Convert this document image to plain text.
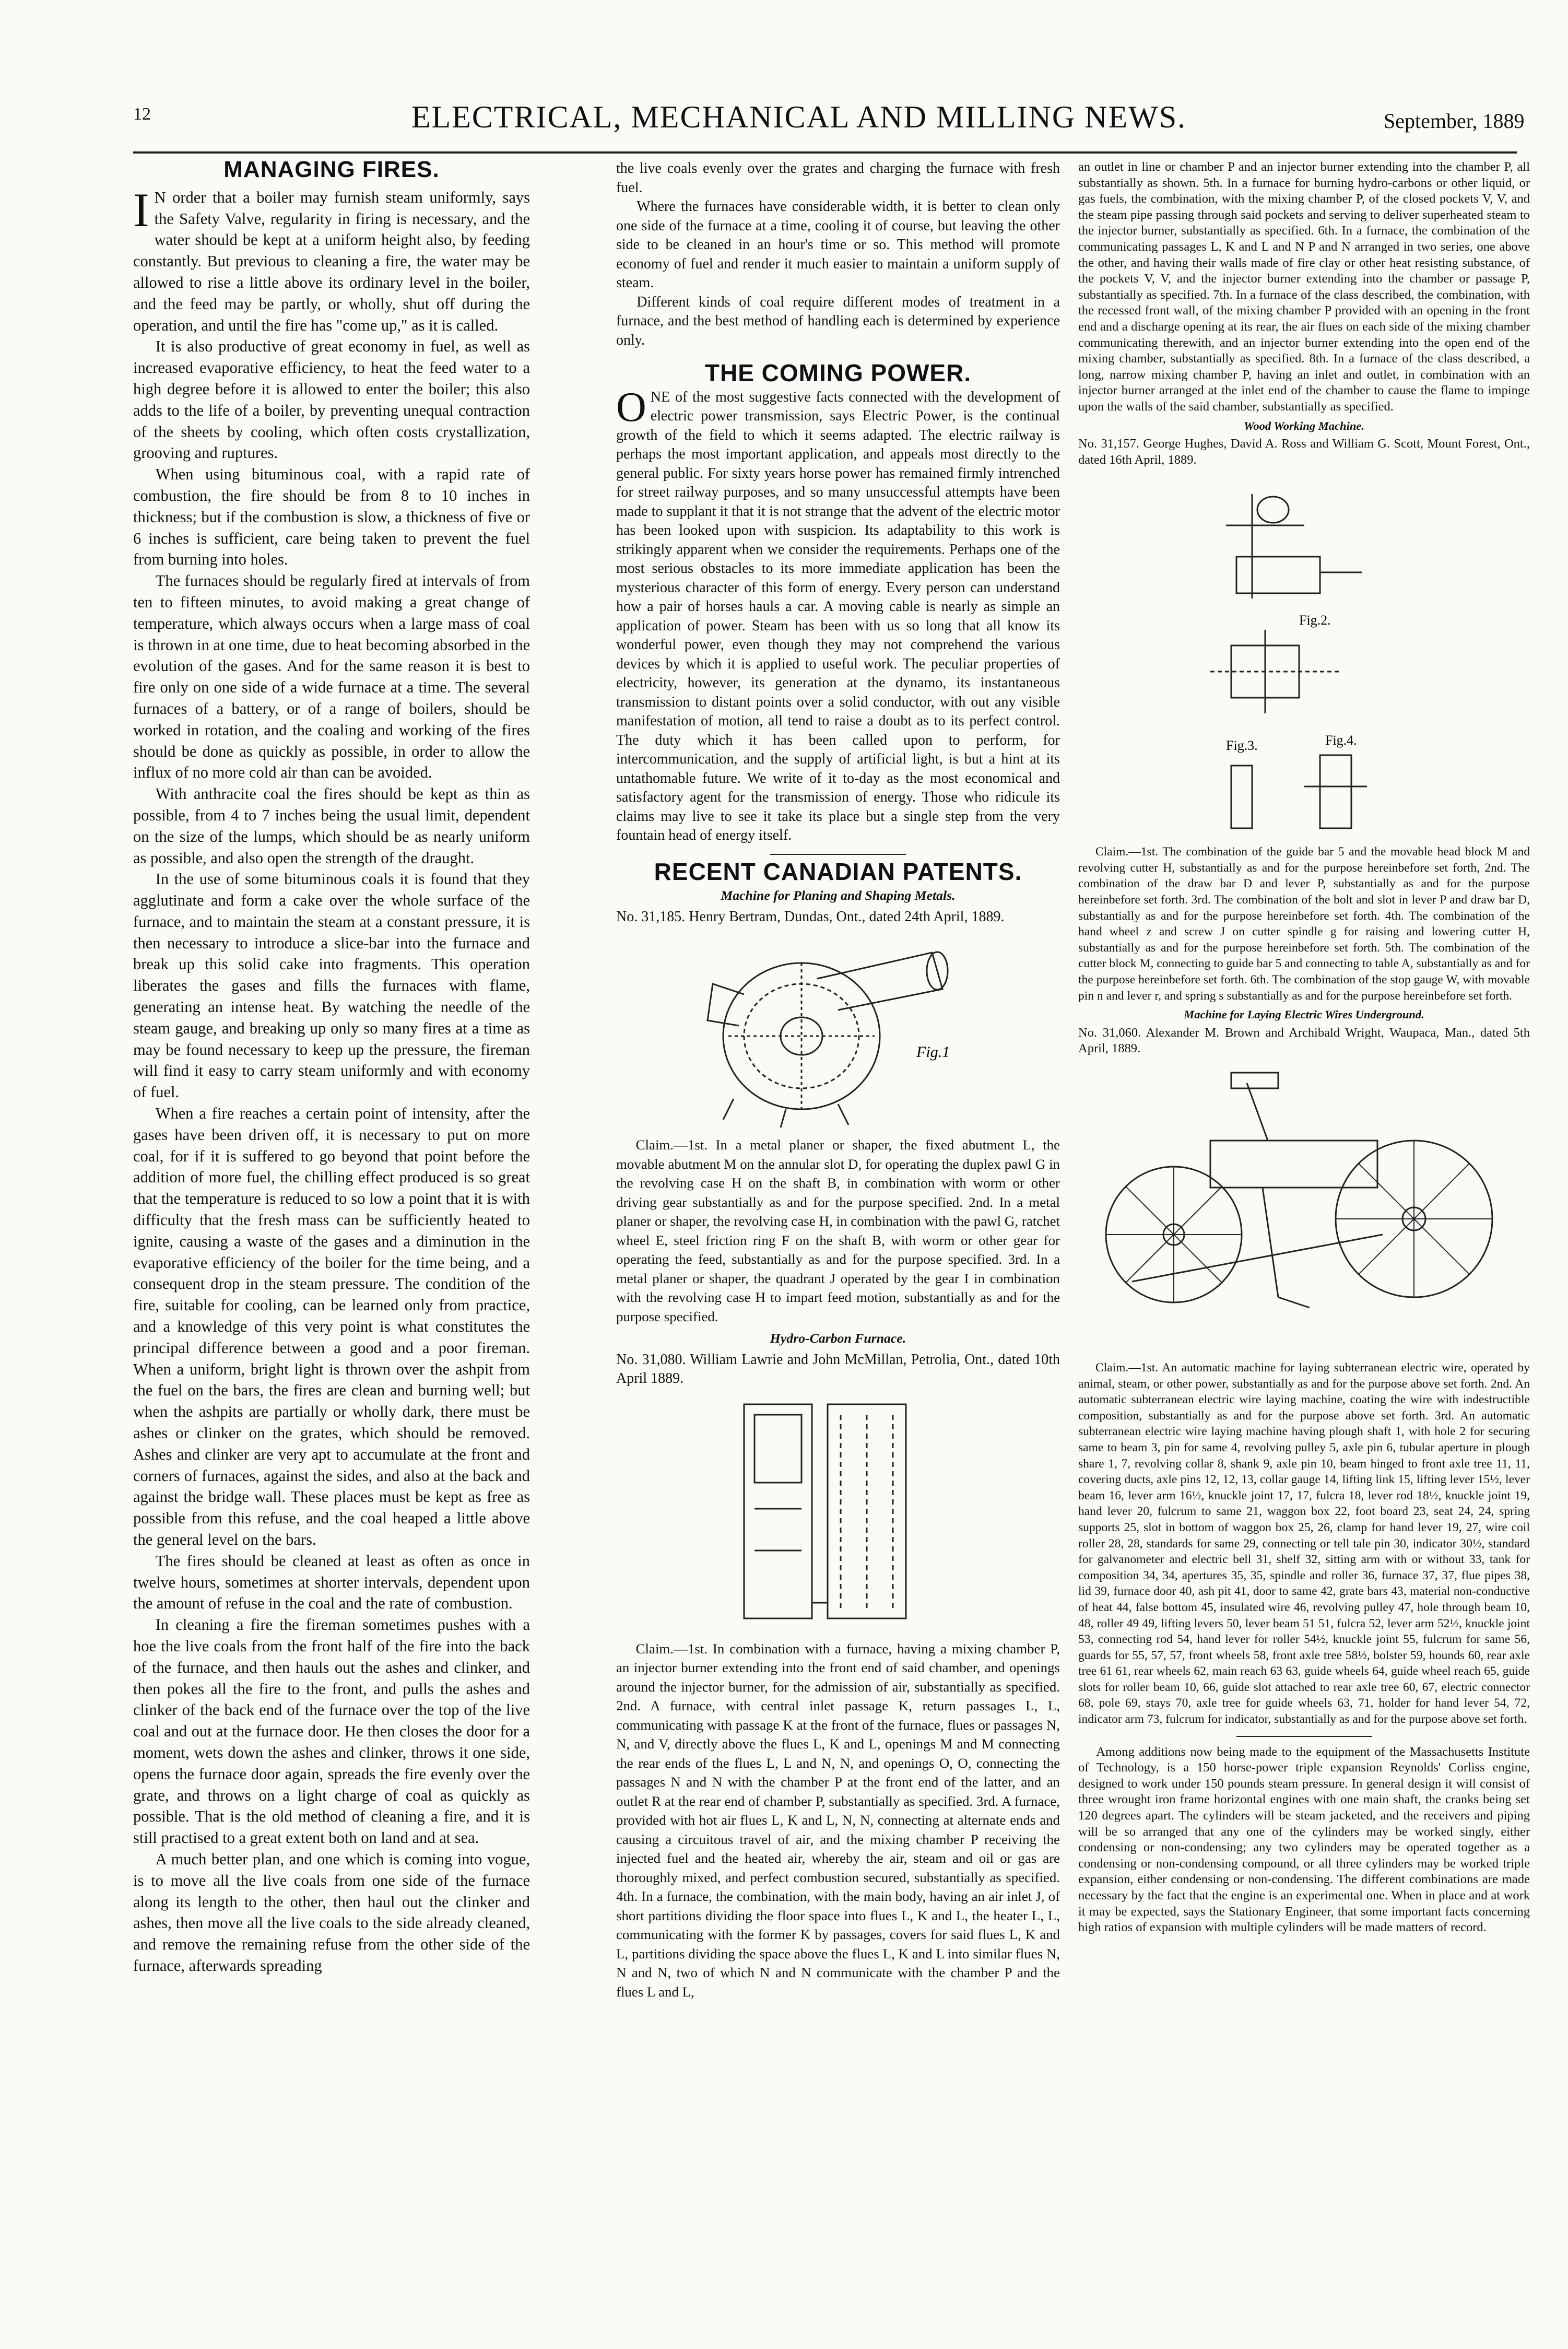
12	ELECTRICAL, MECHANICAL AND MILLING NEWS.	September, 1889
MANAGING FIRES.

I N order that a boiler may furnish steam uniformly, says the Safety Valve, regularity in firing is necessary, and the water should be kept at a uniform height also, by feeding constantly. But previous to cleaning a fire, the water may be allowed to rise a little above its ordinary level in the boiler, and the feed may be partly, or wholly, shut off during the operation, and until the fire has "come up," as it is called.

It is also productive of great economy in fuel, as well as increased evaporative efficiency, to heat the feed water to a high degree before it is allowed to enter the boiler; this also adds to the life of a boiler, by preventing unequal contraction of the sheets by cooling, which often costs crystallization, grooving and ruptures.

When using bituminous coal, with a rapid rate of combustion, the fire should be from 8 to 10 inches in thickness; but if the combustion is slow, a thickness of five or 6 inches is sufficient, care being taken to prevent the fuel from burning into holes.

The furnaces should be regularly fired at intervals of from ten to fifteen minutes, to avoid making a great change of temperature, which always occurs when a large mass of coal is thrown in at one time, due to heat becoming absorbed in the evolution of the gases. And for the same reason it is best to fire only on one side of a wide furnace at a time. The several furnaces of a battery, or of a range of boilers, should be worked in rotation, and the coaling and working of the fires should be done as quickly as possible, in order to allow the influx of no more cold air than can be avoided.

With anthracite coal the fires should be kept as thin as possible, from 4 to 7 inches being the usual limit, dependent on the size of the lumps, which should be as nearly uniform as possible, and also open the strength of the draught.

In the use of some bituminous coals it is found that they agglutinate and form a cake over the whole surface of the furnace, and to maintain the steam at a constant pressure, it is then necessary to introduce a slice-bar into the furnace and break up this solid cake into fragments. This operation liberates the gases and fills the furnaces with flame, generating an intense heat. By watching the needle of the steam gauge, and breaking up only so many fires at a time as may be found necessary to keep up the pressure, the fireman will find it easy to carry steam uniformly and with economy of fuel.

When a fire reaches a certain point of intensity, after the gases have been driven off, it is necessary to put on more coal, for if it is suffered to go beyond that point before the addition of more fuel, the chilling effect produced is so great that the temperature is reduced to so low a point that it is with difficulty that the fresh mass can be sufficiently heated to ignite, causing a waste of the gases and a diminution in the evaporative efficiency of the boiler for the time being, and a consequent drop in the steam pressure. The condition of the fire, suitable for cooling, can be learned only from practice, and a knowledge of this very point is what constitutes the principal difference between a good and a poor fireman. When a uniform, bright light is thrown over the ashpit from the fuel on the bars, the fires are clean and burning well; but when the ashpits are partially or wholly dark, there must be ashes or clinker on the grates, which should be removed. Ashes and clinker are very apt to accumulate at the front and corners of furnaces, against the sides, and also at the back and against the bridge wall. These places must be kept as free as possible from this refuse, and the coal heaped a little above the general level on the bars.

The fires should be cleaned at least as often as once in twelve hours, sometimes at shorter intervals, dependent upon the amount of refuse in the coal and the rate of combustion.

In cleaning a fire the fireman sometimes pushes with a hoe the live coals from the front half of the fire into the back of the furnace, and then hauls out the ashes and clinker, and then pokes all the fire to the front, and pulls the ashes and clinker of the back end of the furnace over the top of the live coal and out at the furnace door. He then closes the door for a moment, wets down the ashes and clinker, throws it one side, opens the furnace door again, spreads the fire evenly over the grate, and throws on a light charge of coal as quickly as possible. That is the old method of cleaning a fire, and it is still practised to a great extent both on land and at sea.

A much better plan, and one which is coming into vogue, is to move all the live coals from one side of the furnace along its length to the other, then haul out the clinker and ashes, then move all the live coals to the side already cleaned, and remove the remaining refuse from the other side of the furnace, afterwards spreading

the live coals evenly over the grates and charging the furnace with fresh fuel.

Where the furnaces have considerable width, it is better to clean only one side of the furnace at a time, cooling it of course, but leaving the other side to be cleaned in an hour's time or so. This method will promote economy of fuel and render it much easier to maintain a uniform supply of steam.

Different kinds of coal require different modes of treatment in a furnace, and the best method of handling each is determined by experience only.

THE COMING POWER.

ONE of the most suggestive facts connected with the development of electric power transmission, says Electric Power, is the continual growth of the field to which it seems adapted. The electric railway is perhaps the most important application, and appeals most directly to the general public. For sixty years horse power has remained firmly intrenched for street railway purposes, and so many unsuccessful attempts have been made to supplant it that it is not strange that the advent of the electric motor has been looked upon with suspicion. Its adaptability to this work is strikingly apparent when we consider the requirements. Perhaps one of the most serious obstacles to its more immediate application has been the mysterious character of this form of energy. Every person can understand how a pair of horses hauls a car. A moving cable is nearly as simple an application of power. Steam has been with us so long that all know its wonderful power, even though they may not comprehend the various devices by which it is applied to useful work. The peculiar properties of electricity, however, its generation at the dynamo, its instantaneous transmission to distant points over a solid conductor, with out any visible manifestation of motion, all tend to raise a doubt as to its perfect control. The duty which it has been called upon to perform, for intercommunication, and the supply of artificial light, is but a hint at its untathomable future. We write of it to-day as the most economical and satisfactory agent for the transmission of energy. Those who ridicule its claims may live to see it take its place but a single step from the very fountain head of energy itself.

RECENT CANADIAN PATENTS.
Machine for Planing and Shaping Metals.

No. 31,185. Henry Bertram, Dundas, Ont., dated 24th April, 1889.

Fig.1

Claim.—1st. In a metal planer or shaper, the fixed abutment L, the movable abutment M on the annular slot D, for operating the duplex pawl G in the revolving case H on the shaft B, in combination with worm or other driving gear substantially as and for the purpose specified. 2nd. In a metal planer or shaper, the revolving case H, in combination with the pawl G, ratchet wheel E, steel friction ring F on the shaft B, with worm or other gear for operating the feed, substantially as and for the purpose specified. 3rd. In a metal planer or shaper, the quadrant J operated by the gear I in combination with the revolving case H to impart feed motion, substantially as and for the purpose specified.

Hydro-Carbon Furnace.

No. 31,080. William Lawrie and John McMillan, Petrolia, Ont., dated 10th April 1889.

Claim.—1st. In combination with a furnace, having a mixing chamber P, an injector burner extending into the front end of said chamber, and openings around the injector burner, for the admission of air, substantially as specified. 2nd. A furnace, with central inlet passage K, return passages L, L, communicating with passage K at the front of the furnace, flues or passages N, N, and V, directly above the flues L, K and L, openings M and M connecting the rear ends of the flues L, L and N, N, and openings O, O, connecting the passages N and N with the chamber P at the front end of the latter, and an outlet R at the rear end of chamber P, substantially as specified. 3rd. A furnace, provided with hot air flues L, K and L, N, N, connecting at alternate ends and causing a circuitous travel of air, and the mixing chamber P receiving the injected fuel and the heated air, whereby the air, steam and oil or gas are thoroughly mixed, and perfect combustion secured, substantially as specified. 4th. In a furnace, the combination, with the main body, having an air inlet J, of short partitions dividing the floor space into flues L, K and L, the heater L, L, communicating with the former K by passages, covers for said flues L, K and L, partitions dividing the space above the flues L, K and L into similar flues N, N and N, two of which N and N communicate with the chamber P and the flues L and L,

an outlet in line or chamber P and an injector burner extending into the chamber P, all substantially as shown. 5th. In a furnace for burning hydro-carbons or other liquid, or gas fuels, the combination, with the mixing chamber P, of the closed pockets V, V, and the steam pipe passing through said pockets and serving to deliver superheated steam to the injector burner, substantially as specified. 6th. In a furnace, the combination of the communicating passages L, K and L and N P and N arranged in two series, one above the other, and having their walls made of fire clay or other heat resisting substance, of the pockets V, V, and the injector burner extending into the chamber or passage P, substantially as specified. 7th. In a furnace of the class described, the combination, with the recessed front wall, of the mixing chamber P provided with an opening in the front end and a discharge opening at its rear, the air flues on each side of the mixing chamber communicating therewith, and an injector burner extending into the open end of the mixing chamber, substantially as specified. 8th. In a furnace of the class described, a long, narrow mixing chamber P, having an inlet and outlet, in combination with an injector burner arranged at the inlet end of the chamber to cause the flame to impinge upon the walls of the said chamber, substantially as specified.

Wood Working Machine.

No. 31,157. George Hughes, David A. Ross and William G. Scott, Mount Forest, Ont., dated 16th April, 1889.

Fig.2.
Fig.3.	Fig.4.

Claim.—1st. The combination of the guide bar 5 and the movable head block M and revolving cutter H, substantially as and for the purpose hereinbefore set forth, 2nd. The combination of the draw bar D and lever P, substantially as and for the purpose hereinbefore set forth. 3rd. The combination of the bolt and slot in lever P and draw bar D, substantially as and for the purpose hereinbefore set forth. 4th. The combination of the hand wheel z and screw J on cutter spindle g for raising and lowering cutter H, substantially as and for the purpose hereinbefore set forth. 5th. The combination of the cutter block M, connecting to guide bar 5 and connecting to table A, substantially as and for the purpose hereinbefore set forth. 6th. The combination of the stop gauge W, with movable pin n and lever r, and spring s substantially as and for the purpose hereinbefore set forth.

Machine for Laying Electric Wires Underground.

No. 31,060. Alexander M. Brown and Archibald Wright, Waupaca, Man., dated 5th April, 1889.

Claim.—1st. An automatic machine for laying subterranean electric wire, operated by animal, steam, or other power, substantially as and for the purpose above set forth. 2nd. An automatic subterranean electric wire laying machine, coating the wire with indestructible composition, substantially as and for the purpose above set forth. 3rd. An automatic subterranean electric wire laying machine having plough shaft 1, with hole 2 for securing same to beam 3, pin for same 4, revolving pulley 5, axle pin 6, tubular aperture in plough share 1, 7, revolving collar 8, shank 9, axle pin 10, beam hinged to front axle tree 11, 11, covering ducts, axle pins 12, 12, 13, collar gauge 14, lifting link 15, lifting lever 15½, lever beam 16, lever arm 16½, knuckle joint 17, 17, fulcra 18, lever rod 18½, knuckle joint 19, hand lever 20, fulcrum to same 21, waggon box 22, foot board 23, seat 24, 24, spring supports 25, slot in bottom of waggon box 25, 26, clamp for hand lever 19, 27, wire coil roller 28, 28, standards for same 29, connecting or tell tale pin 30, indicator 30½, standard for galvanometer and electric bell 31, shelf 32, sitting arm with or without 33, tank for composition 34, 34, apertures 35, 35, spindle and roller 36, furnace 37, 37, flue pipes 38, lid 39, furnace door 40, ash pit 41, door to same 42, grate bars 43, material non-conductive of heat 44, false bottom 45, insulated wire 46, revolving pulley 47, hole through beam 10, 48, roller 49 49, lifting levers 50, lever beam 51 51, fulcra 52, lever arm 52½, knuckle joint 53, connecting rod 54, hand lever for roller 54½, knuckle joint 55, fulcrum for same 56, guards for 55, 57, 57, front wheels 58, front axle tree 58½, bolster 59, hounds 60, rear axle tree 61 61, rear wheels 62, main reach 63 63, guide wheels 64, guide wheel reach 65, guide slots for roller beam 10, 66, guide slot attached to rear axle tree 60, 67, electric connector 68, pole 69, stays 70, axle tree for guide wheels 63, 71, holder for hand lever 54, 72, indicator arm 73, fulcrum for indicator, substantially as and for the purpose above set forth.

Among additions now being made to the equipment of the Massachusetts Institute of Technology, is a 150 horse-power triple expansion Reynolds' Corliss engine, designed to work under 150 pounds steam pressure. In general design it will consist of three wrought iron frame horizontal engines with one main shaft, the cranks being set 120 degrees apart. The cylinders will be steam jacketed, and the receivers and piping will be so arranged that any one of the cylinders may be worked singly, either condensing or non-condensing; any two cylinders may be operated together as a condensing or non-condensing compound, or all three cylinders may be worked triple expansion, either condensing or non-condensing. The different combinations are made necessary by the fact that the engine is an experimental one. When in place and at work it may be expected, says the Stationary Engineer, that some important facts concerning high ratios of expansion with multiple cylinders will be made matters of record.
